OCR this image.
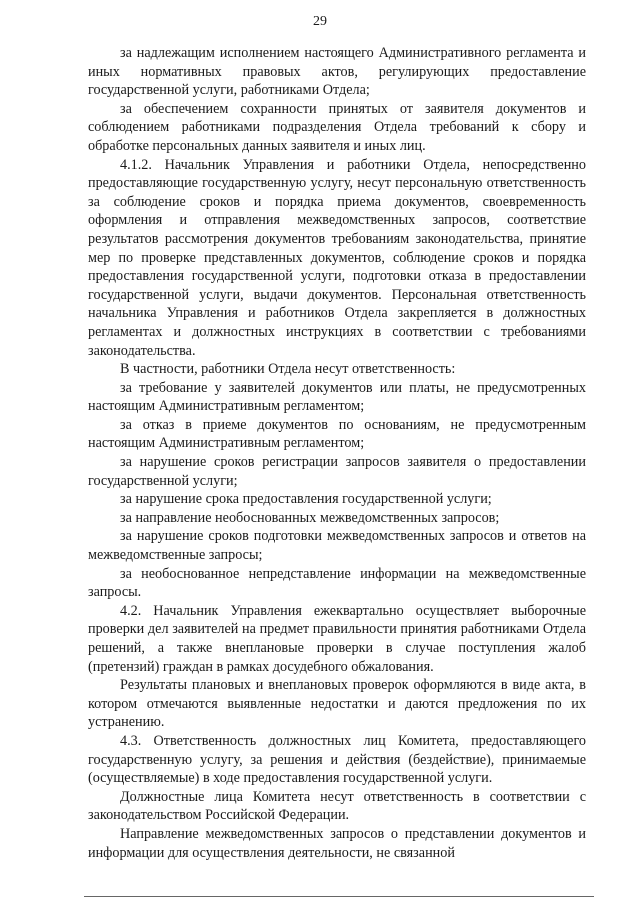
29

за надлежащим исполнением настоящего Административного регламента и иных нормативных правовых актов, регулирующих предоставление государственной услуги, работниками Отдела;

за обеспечением сохранности принятых от заявителя документов и соблюдением работниками подразделения Отдела требований к сбору и обработке персональных данных заявителя и иных лиц.

4.1.2. Начальник Управления и работники Отдела, непосредственно предоставляющие государственную услугу, несут персональную ответственность за соблюдение сроков и порядка приема документов, своевременность оформления и отправления межведомственных запросов, соответствие результатов рассмотрения документов требованиям законодательства, принятие мер по проверке представленных документов, соблюдение сроков и порядка предоставления государственной услуги, подготовки отказа в предоставлении государственной услуги, выдачи документов. Персональная ответственность начальника Управления и работников Отдела закрепляется в должностных регламентах и должностных инструкциях в соответствии с требованиями законодательства.

В частности, работники Отдела несут ответственность:

за требование у заявителей документов или платы, не предусмотренных настоящим Административным регламентом;

за отказ в приеме документов по основаниям, не предусмотренным настоящим Административным регламентом;

за нарушение сроков регистрации запросов заявителя о предоставлении государственной услуги;

за нарушение срока предоставления государственной услуги;

за направление необоснованных межведомственных запросов;

за нарушение сроков подготовки межведомственных запросов и ответов на межведомственные запросы;

за необоснованное непредставление информации на межведомственные запросы.

4.2. Начальник Управления ежеквартально осуществляет выборочные проверки дел заявителей на предмет правильности принятия работниками Отдела решений, а также внеплановые проверки в случае поступления жалоб (претензий) граждан в рамках досудебного обжалования.

Результаты плановых и внеплановых проверок оформляются в виде акта, в котором отмечаются выявленные недостатки и даются предложения по их устранению.

4.3. Ответственность должностных лиц Комитета, предоставляющего государственную услугу, за решения и действия (бездействие), принимаемые (осуществляемые) в ходе предоставления государственной услуги.

Должностные лица Комитета несут ответственность в соответствии с законодательством Российской Федерации.

Направление межведомственных запросов о представлении документов и информации для осуществления деятельности, не связанной
